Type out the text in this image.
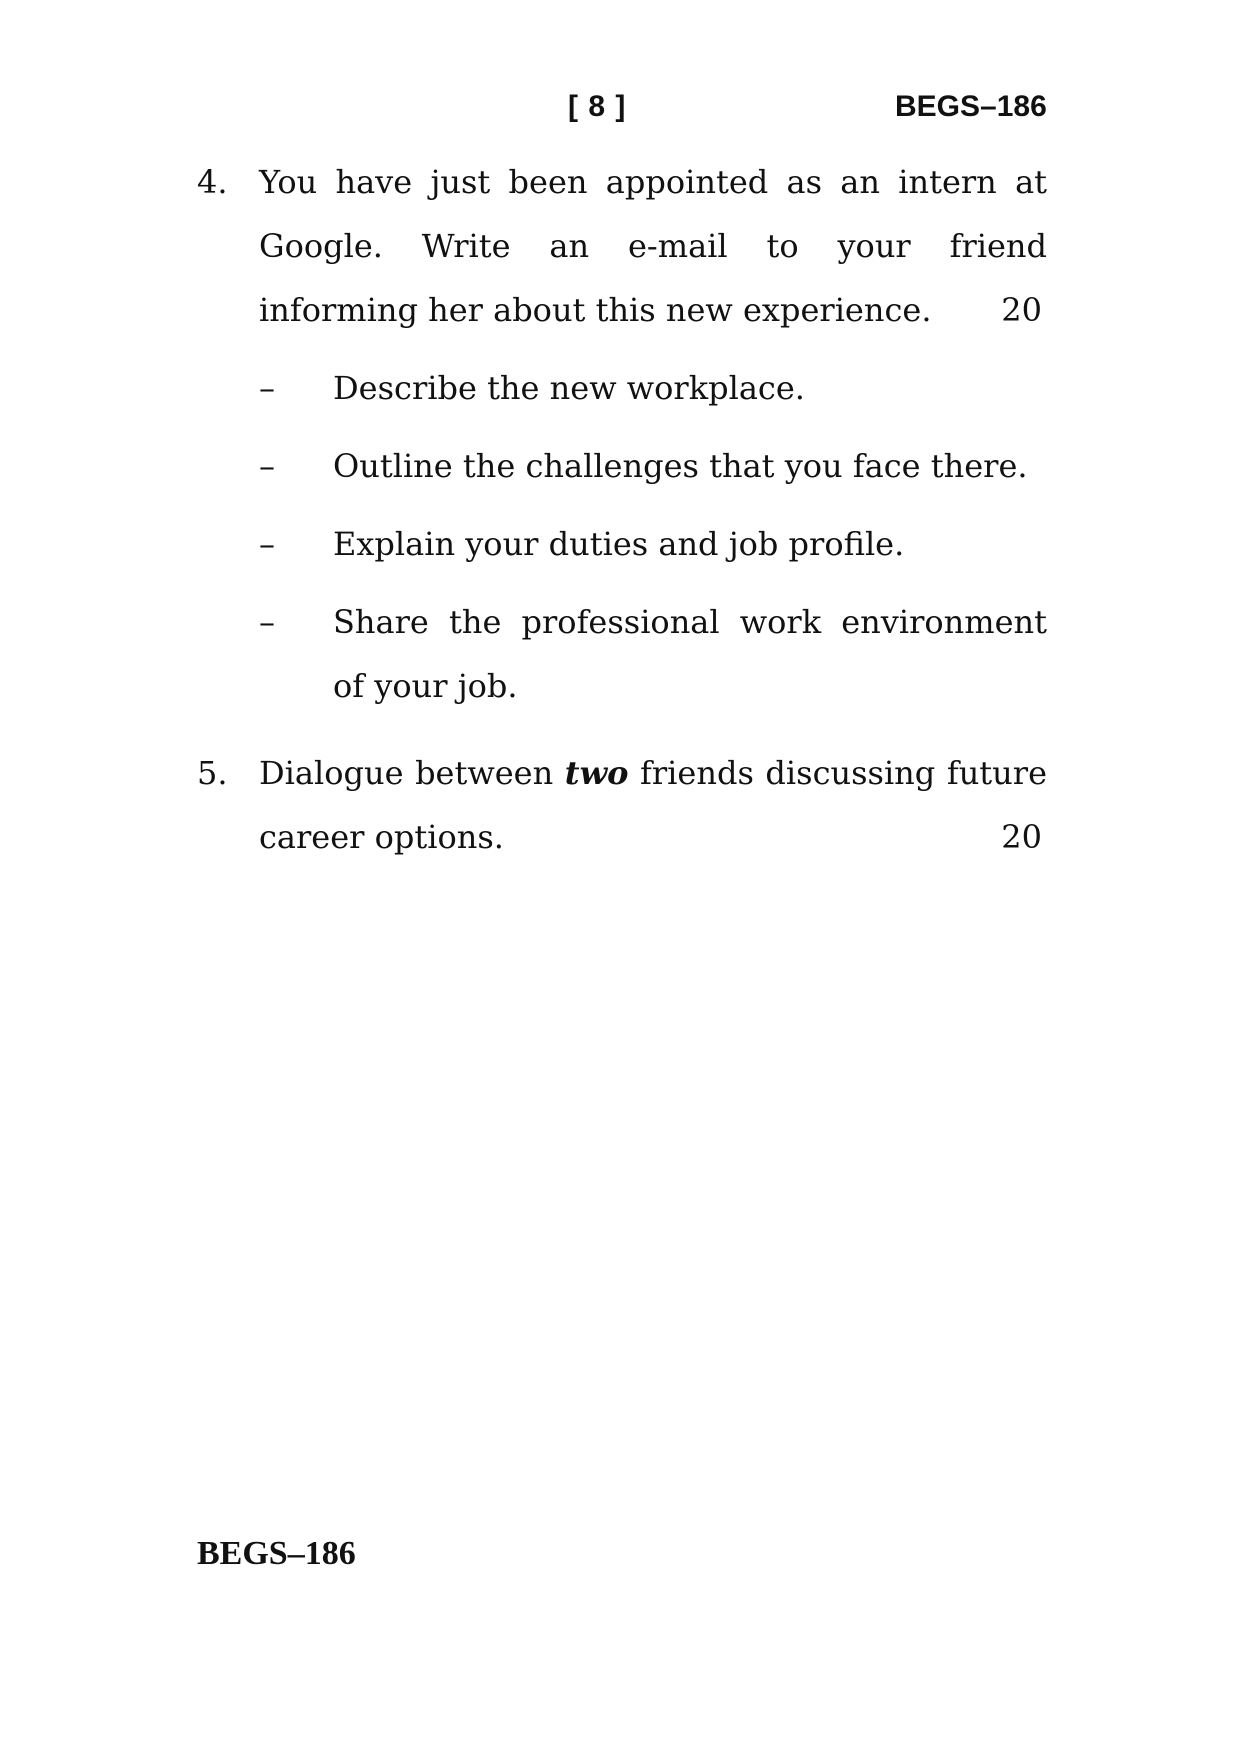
[ 8 ]	BEGS–186
4. You have just been appointed as an intern at
Google. Write an e-mail to your friend
informing her about this new experience. 20
– Describe the new workplace.
– Outline the challenges that you face there.
– Explain your duties and job profile.
– Share the professional work environment
of your job.
5. Dialogue between two friends discussing future
career options.	20
BEGS–186
